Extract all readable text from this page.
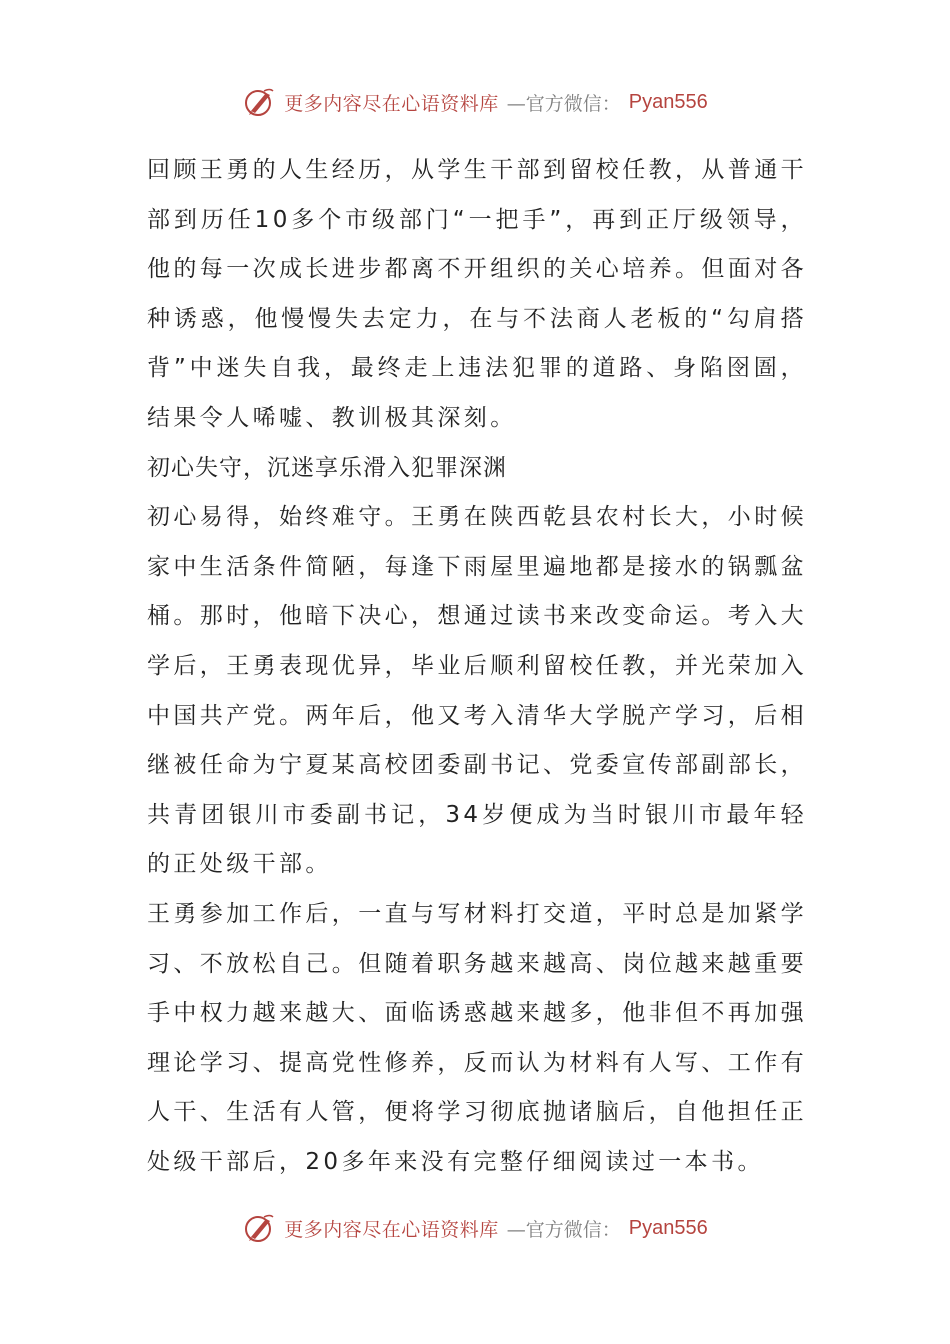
更多内容尽在心语资料库 —官方微信： Pyan556

回顾王勇的人生经历，从学生干部到留校任教，从普通干部到历任10多个市级部门“一把手”，再到正厅级领导，他的每一次成长进步都离不开组织的关心培养。但面对各种诱惑，他慢慢失去定力，在与不法商人老板的“勾肩搭背”中迷失自我，最终走上违法犯罪的道路、身陷囹圄，结果令人唏嘘、教训极其深刻。

初心失守，沉迷享乐滑入犯罪深渊

初心易得，始终难守。王勇在陕西乾县农村长大，小时候家中生活条件简陋，每逢下雨屋里遍地都是接水的锅瓢盆桶。那时，他暗下决心，想通过读书来改变命运。考入大学后，王勇表现优异，毕业后顺利留校任教，并光荣加入中国共产党。两年后，他又考入清华大学脱产学习，后相继被任命为宁夏某高校团委副书记、党委宣传部副部长，共青团银川市委副书记，34岁便成为当时银川市最年轻的正处级干部。

王勇参加工作后，一直与写材料打交道，平时总是加紧学习、不放松自己。但随着职务越来越高、岗位越来越重要手中权力越来越大、面临诱惑越来越多，他非但不再加强理论学习、提高党性修养，反而认为材料有人写、工作有人干、生活有人管，便将学习彻底抛诸脑后，自他担任正处级干部后，20多年来没有完整仔细阅读过一本书。

更多内容尽在心语资料库 —官方微信： Pyan556
